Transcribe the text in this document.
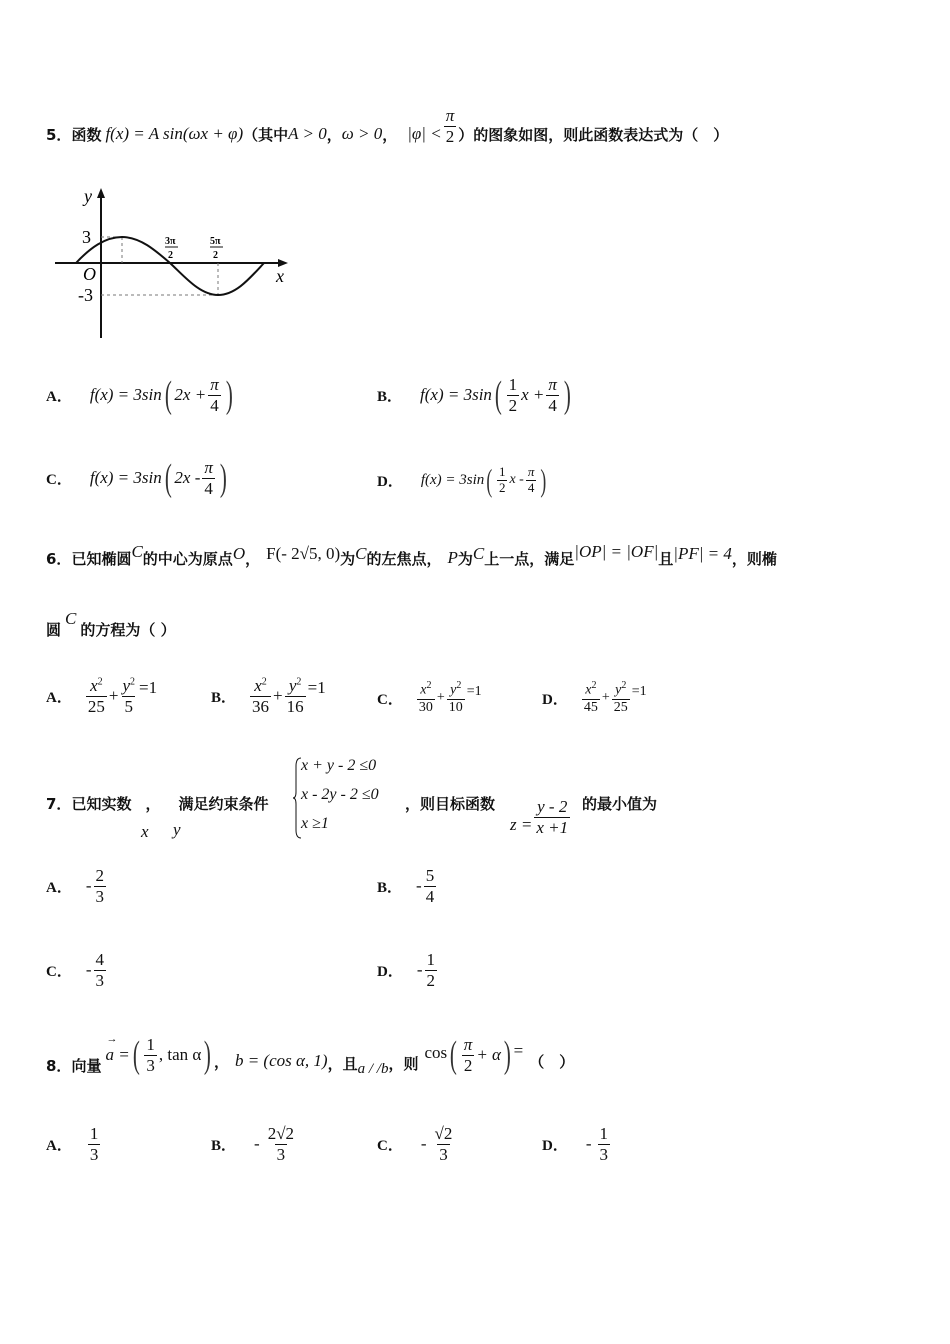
5． 函数 f(x) = A sin(ωx + φ) （其中 A > 0 ， ω > 0 ， $|\varphi| < \frac{\pi}{2}$ ）的图象如图，则此函数表达式为（　）
y
x
O
3
-3
3π
2
5π
2
A． f(x) = 3sin ( $2x + \frac{\pi}{4}$ )	B． f(x) = 3sin ( $\frac{1}{2}$ $x + \frac{\pi}{4}$ )
C． f(x) = 3sin ( $2x - \frac{\pi}{4}$ )	D． f(x) = 3sin ( $\frac{1}{2}$ x - $\frac{\pi}{4}$ )
6． 已知椭圆 C 的中心为原点 O ， F(- 2√5, 0) 为 C 的左焦点， P 为 C 上一点，满足 |OP| = |OF| 且 |PF| = 4 ，则椭
圆
C
的方程为（ ）
A． $\frac{x^2}{25} + \frac{y^2}{5} =1$
B． $\frac{x^2}{36} + \frac{y^2}{16} =1$
C． $\frac{x^2}{30} + \frac{y^2}{10} =1$	D． $\frac{x^2}{45} + \frac{y^2}{25} =1$
7． 已知实数 ， 满足约束条件
x y
x + y - 2 ≤0
x - 2y - 2 ≤0
x ≥1
，则目标函数
$z = \frac{y - 2}{x +1}$ 的最小值为
A． - $\frac{2}{3}$	B． - $\frac{5}{4}$
C． - $\frac{4}{3}$	D． - $\frac{1}{2}$
8． 向量
→
a = ( $\frac{1}{3}$ , tan α ) ， b = (cos α, 1) ，且 a / /b ，则
cos ( $\frac{\pi}{2} + \alpha$ ) =
（　）
A． $\frac{1}{3}$	B． - $\frac{2√2}{3}$	C． - $\frac{√2}{3}$	D． - $\frac{1}{3}$
